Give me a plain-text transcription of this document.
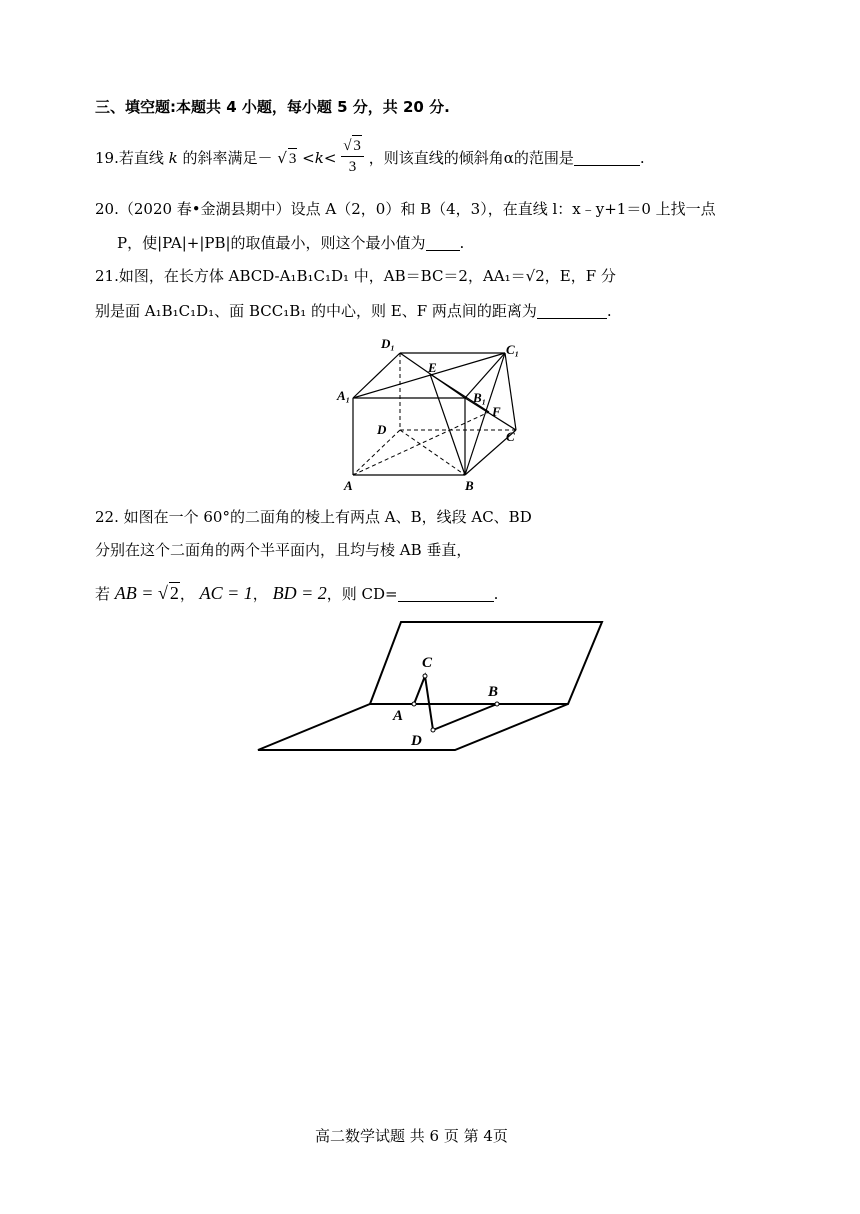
三、填空题:本题共 4 小题，每小题 5 分，共 20 分.
19.若直线 k 的斜率满足－ √ $3 <k< \frac{√ 3}{3}$ ，则该直线的倾斜角α的范围是	.
20.（2020 春•金湖县期中）设点 A（2，0）和 B（4，3），在直线 l：x﹣y+1＝0 上找一点
P，使|PA|+|PB|的取值最小，则这个最小值为 .
21.如图，在长方体 ABCD-A₁B₁C₁D₁ 中，AB＝BC＝2，AA₁＝√2，E，F 分
别是面 A₁B₁C₁D₁、面 BCC₁B₁ 的中心，则 E、F 两点间的距离为	.
D₁	C₁
A₁	B₁
E
F
D	C
A	B
22. 如图在一个 60°的二面角的棱上有两点 A、B，线段 AC、BD
分别在这个二面角的两个半平面内，且均与棱 AB 垂直，
若 AB = √ 2， AC = 1， BD = 2，则 CD=	.
C
B
A
D
高二数学试题 共 6 页 第 4页
